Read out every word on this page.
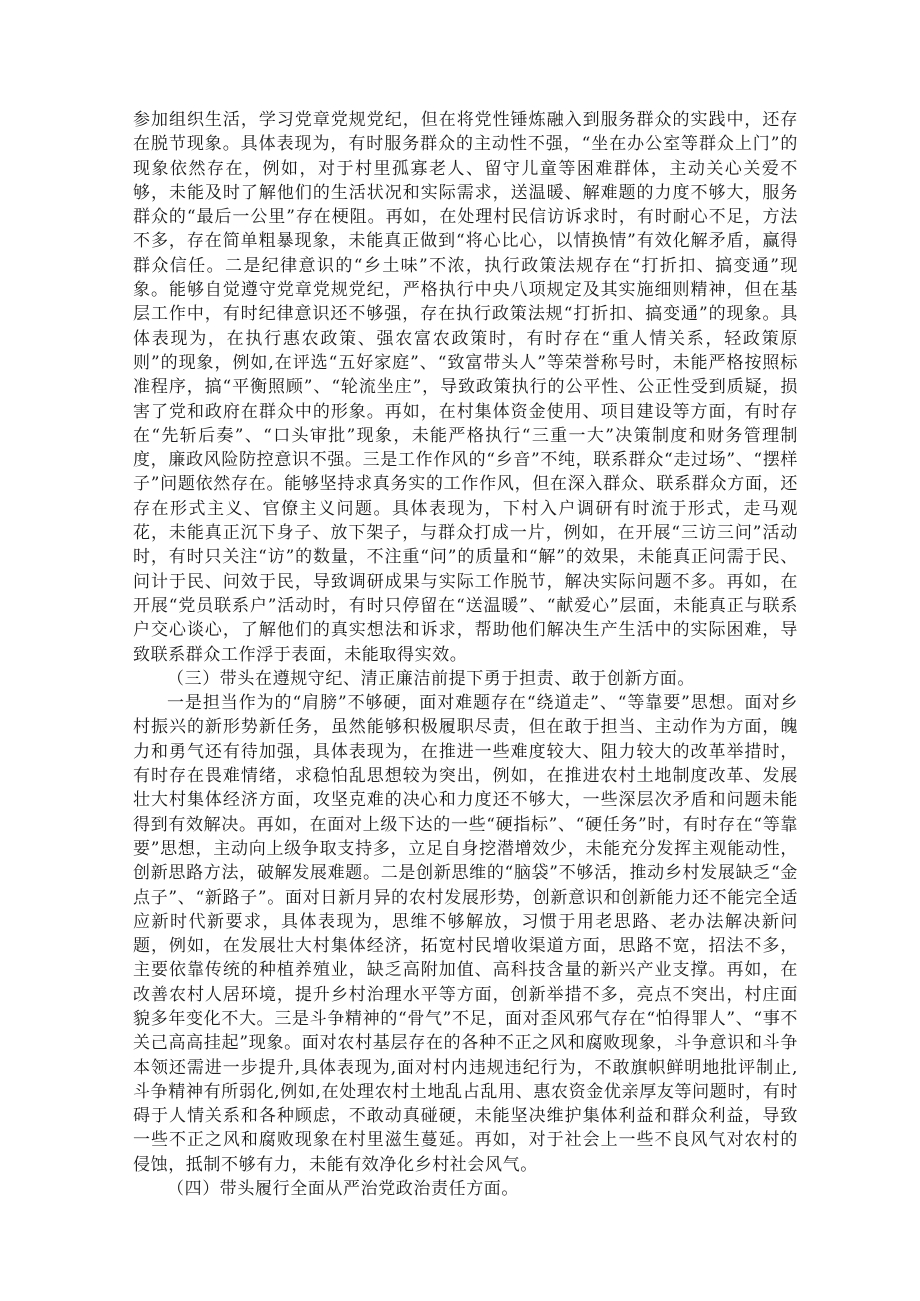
参加组织生活，学习党章党规党纪，但在将党性锤炼融入到服务群众的实践中，还存在脱节现象。具体表现为，有时服务群众的主动性不强，“坐在办公室等群众上门”的现象依然存在，例如，对于村里孤寡老人、留守儿童等困难群体，主动关心关爱不够，未能及时了解他们的生活状况和实际需求，送温暖、解难题的力度不够大，服务群众的“最后一公里”存在梗阻。再如，在处理村民信访诉求时，有时耐心不足，方法不多，存在简单粗暴现象，未能真正做到“将心比心，以情换情”有效化解矛盾，赢得群众信任。二是纪律意识的“乡土味”不浓，执行政策法规存在“打折扣、搞变通”现象。能够自觉遵守党章党规党纪，严格执行中央八项规定及其实施细则精神，但在基层工作中，有时纪律意识还不够强，存在执行政策法规“打折扣、搞变通”的现象。具体表现为，在执行惠农政策、强农富农政策时，有时存在“重人情关系，轻政策原则”的现象，例如,在评选“五好家庭”、“致富带头人”等荣誉称号时，未能严格按照标准程序，搞“平衡照顾”、“轮流坐庄”，导致政策执行的公平性、公正性受到质疑，损害了党和政府在群众中的形象。再如，在村集体资金使用、项目建设等方面，有时存在“先斩后奏”、“口头审批”现象，未能严格执行“三重一大”决策制度和财务管理制度，廉政风险防控意识不强。三是工作作风的“乡音”不纯，联系群众“走过场”、“摆样子”问题依然存在。能够坚持求真务实的工作作风，但在深入群众、联系群众方面，还存在形式主义、官僚主义问题。具体表现为，下村入户调研有时流于形式，走马观花，未能真正沉下身子、放下架子，与群众打成一片，例如，在开展“三访三问”活动时，有时只关注“访”的数量，不注重“问”的质量和“解”的效果，未能真正问需于民、问计于民、问效于民，导致调研成果与实际工作脱节，解决实际问题不多。再如，在开展“党员联系户”活动时，有时只停留在“送温暖”、“献爱心”层面，未能真正与联系户交心谈心，了解他们的真实想法和诉求，帮助他们解决生产生活中的实际困难，导致联系群众工作浮于表面，未能取得实效。

（三）带头在遵规守纪、清正廉洁前提下勇于担责、敢于创新方面。

一是担当作为的“肩膀”不够硬，面对难题存在“绕道走”、“等靠要”思想。面对乡村振兴的新形势新任务，虽然能够积极履职尽责，但在敢于担当、主动作为方面，魄力和勇气还有待加强，具体表现为，在推进一些难度较大、阻力较大的改革举措时，有时存在畏难情绪，求稳怕乱思想较为突出，例如，在推进农村土地制度改革、发展壮大村集体经济方面，攻坚克难的决心和力度还不够大，一些深层次矛盾和问题未能得到有效解决。再如，在面对上级下达的一些“硬指标”、“硬任务”时，有时存在“等靠要”思想，主动向上级争取支持多，立足自身挖潜增效少，未能充分发挥主观能动性，创新思路方法，破解发展难题。二是创新思维的“脑袋”不够活，推动乡村发展缺乏“金点子”、“新路子”。面对日新月异的农村发展形势，创新意识和创新能力还不能完全适应新时代新要求，具体表现为，思维不够解放，习惯于用老思路、老办法解决新问题，例如，在发展壮大村集体经济，拓宽村民增收渠道方面，思路不宽，招法不多，主要依靠传统的种植养殖业，缺乏高附加值、高科技含量的新兴产业支撑。再如，在改善农村人居环境，提升乡村治理水平等方面，创新举措不多，亮点不突出，村庄面貌多年变化不大。三是斗争精神的“骨气”不足，面对歪风邪气存在“怕得罪人”、“事不关己高高挂起”现象。面对农村基层存在的各种不正之风和腐败现象，斗争意识和斗争本领还需进一步提升,具体表现为,面对村内违规违纪行为，不敢旗帜鲜明地批评制止,斗争精神有所弱化,例如,在处理农村土地乱占乱用、惠农资金优亲厚友等问题时，有时碍于人情关系和各种顾虑，不敢动真碰硬，未能坚决维护集体利益和群众利益，导致一些不正之风和腐败现象在村里滋生蔓延。再如，对于社会上一些不良风气对农村的侵蚀，抵制不够有力，未能有效净化乡村社会风气。

（四）带头履行全面从严治党政治责任方面。
